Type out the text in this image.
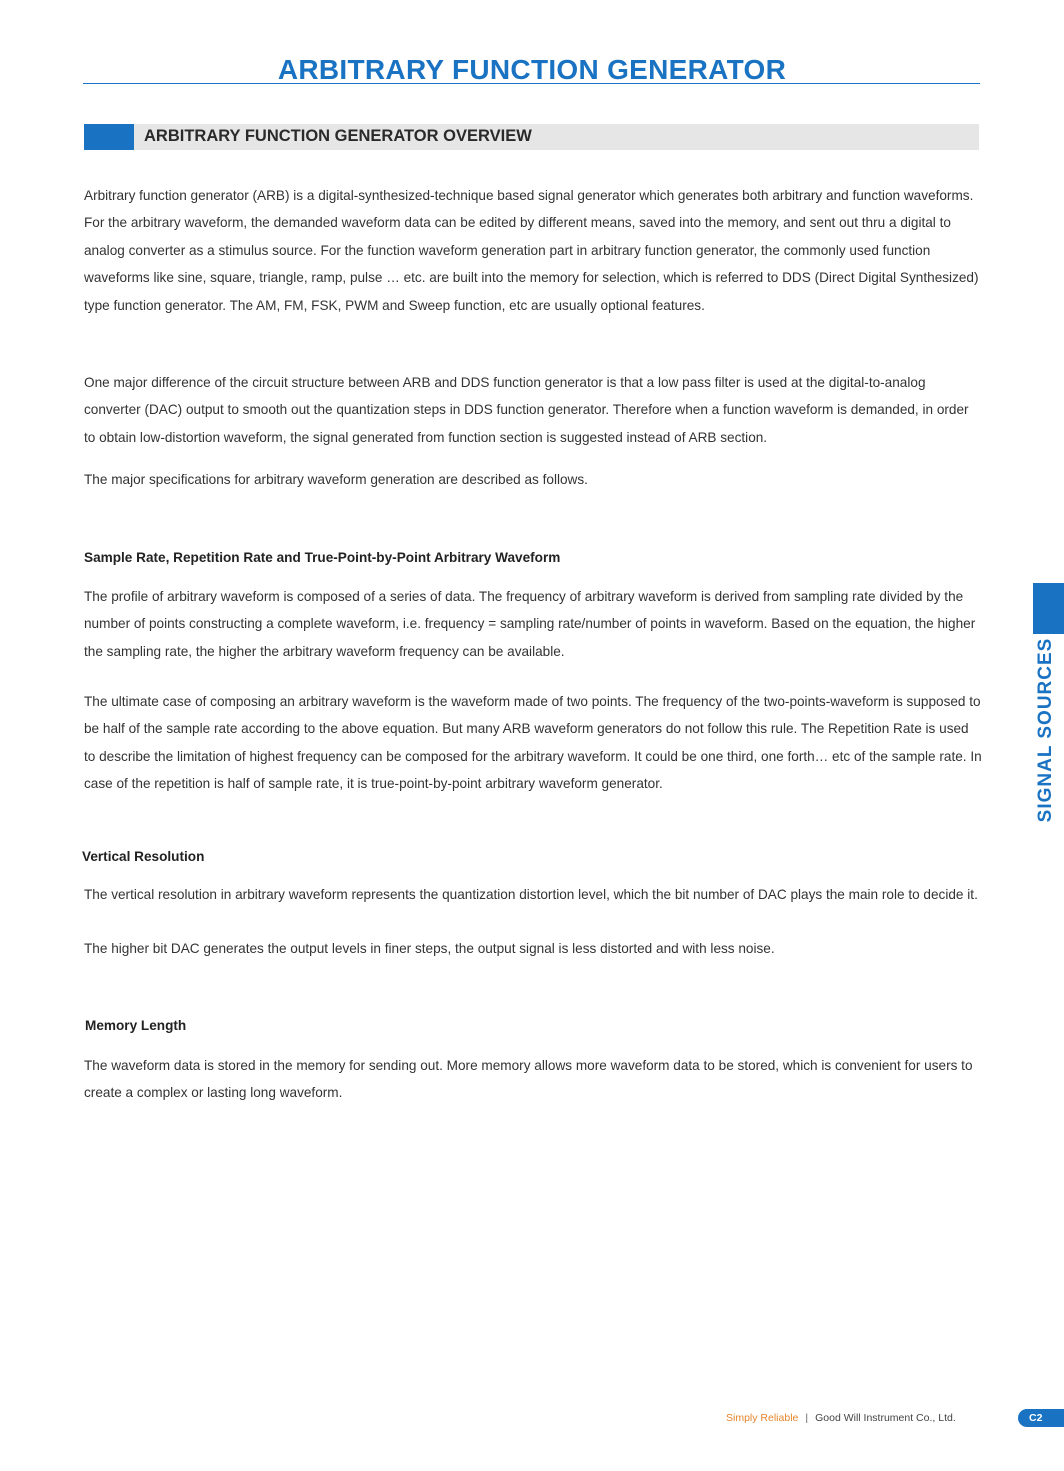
ARBITRARY FUNCTION GENERATOR
ARBITRARY FUNCTION GENERATOR OVERVIEW

Arbitrary function generator (ARB) is a digital-synthesized-technique based signal generator which generates both arbitrary and function waveforms. For the arbitrary waveform, the demanded waveform data can be edited by different means, saved into the memory, and sent out thru a digital to analog converter as a stimulus source. For the function waveform generation part in arbitrary function generator, the commonly used function waveforms like sine, square, triangle, ramp, pulse … etc. are built into the memory for selection, which is referred to DDS (Direct Digital Synthesized) type function generator. The AM, FM, FSK, PWM and Sweep function, etc are usually optional features.

One major difference of the circuit structure between ARB and DDS function generator is that a low pass filter is used at the digital-to-analog converter (DAC) output to smooth out the quantization steps in DDS function generator. Therefore when a function waveform is demanded, in order to obtain low-distortion waveform, the signal generated from function section is suggested instead of ARB section.

The major specifications for arbitrary waveform generation are described as follows.

Sample Rate, Repetition Rate and True-Point-by-Point Arbitrary Waveform

The profile of arbitrary waveform is composed of a series of data. The frequency of arbitrary waveform is derived from sampling rate divided by the number of points constructing a complete waveform, i.e. frequency = sampling rate/number of points in waveform. Based on the equation, the higher the sampling rate, the higher the arbitrary waveform frequency can be available.

The ultimate case of composing an arbitrary waveform is the waveform made of two points. The frequency of the two-points-waveform is supposed to be half of the sample rate according to the above equation. But many ARB waveform generators do not follow this rule. The Repetition Rate is used to describe the limitation of highest frequency can be composed for the arbitrary waveform. It could be one third, one forth… etc of the sample rate. In case of the repetition is half of sample rate, it is true-point-by-point arbitrary waveform generator.

Vertical Resolution

The vertical resolution in arbitrary waveform represents the quantization distortion level, which the bit number of DAC plays the main role to decide it.

The higher bit DAC generates the output levels in finer steps, the output signal is less distorted and with less noise.

Memory Length

The waveform data is stored in the memory for sending out. More memory allows more waveform data to be stored, which is convenient for users to create a complex or lasting long waveform.

SIGNAL SOURCES
Simply Reliable | Good Will Instrument Co., Ltd.	C2
